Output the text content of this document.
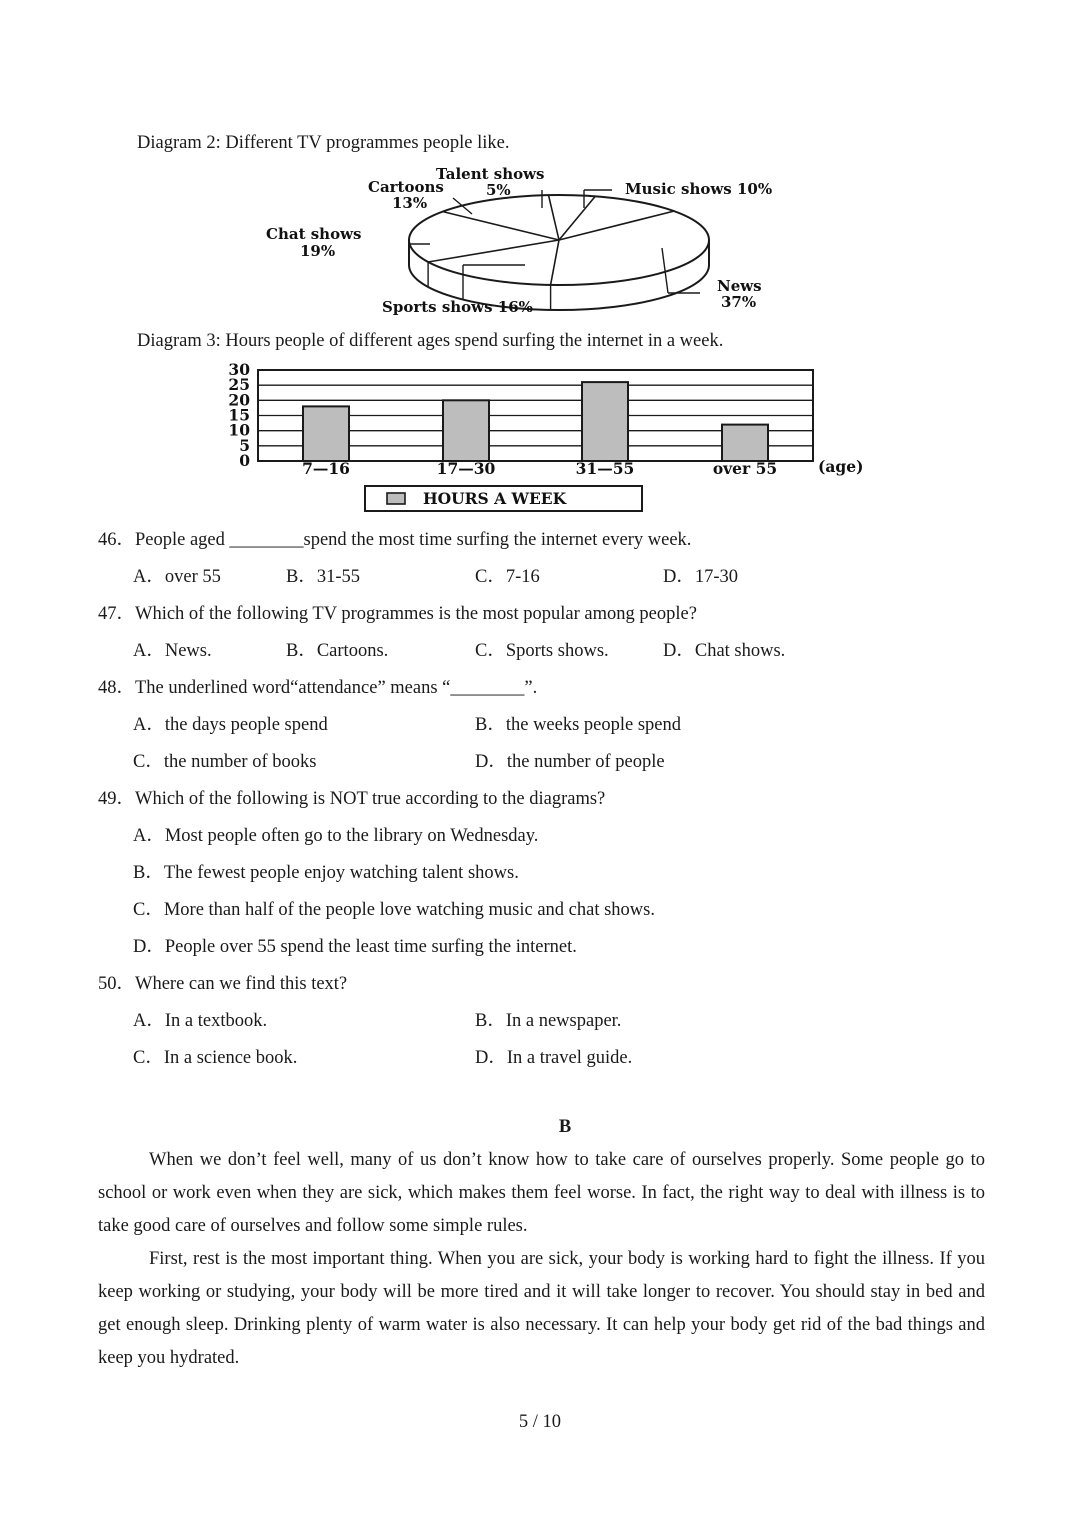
Diagram 2: Different TV programmes people like.
Talent shows
5%
Cartoons
13%
Music shows 10%
Chat shows
19%
News
37%
Sports shows 16%
Diagram 3: Hours people of different ages spend surfing the internet in a week.
30
25
20
15
10
5
0	7—16	17—30	31—55	over 55	(age)
HOURS A WEEK
46．People aged ________spend the most time surfing the internet every week.
A．over 55	B．31-55	C．7-16	D．17-30
47．Which of the following TV programmes is the most popular among people?
A．News.	B．Cartoons.	C．Sports shows.	D．Chat shows.
48．The underlined word“attendance” means “________”.
A．the days people spend	B．the weeks people spend
C．the number of books	D．the number of people
49．Which of the following is NOT true according to the diagrams?
A．Most people often go to the library on Wednesday.
B．The fewest people enjoy watching talent shows.
C．More than half of the people love watching music and chat shows.
D．People over 55 spend the least time surfing the internet.
50．Where can we find this text?
A．In a textbook.	B．In a newspaper.
C．In a science book.	D．In a travel guide.
B
When we don’t feel well, many of us don’t know how to take care of ourselves properly. Some people go to school or work even when they are sick, which makes them feel worse. In fact, the right way to deal with illness is to take good care of ourselves and follow some simple rules.
First, rest is the most important thing. When you are sick, your body is working hard to fight the illness. If you keep working or studying, your body will be more tired and it will take longer to recover. You should stay in bed and get enough sleep. Drinking plenty of warm water is also necessary. It can help your body get rid of the bad things and keep you hydrated.
5 / 10
